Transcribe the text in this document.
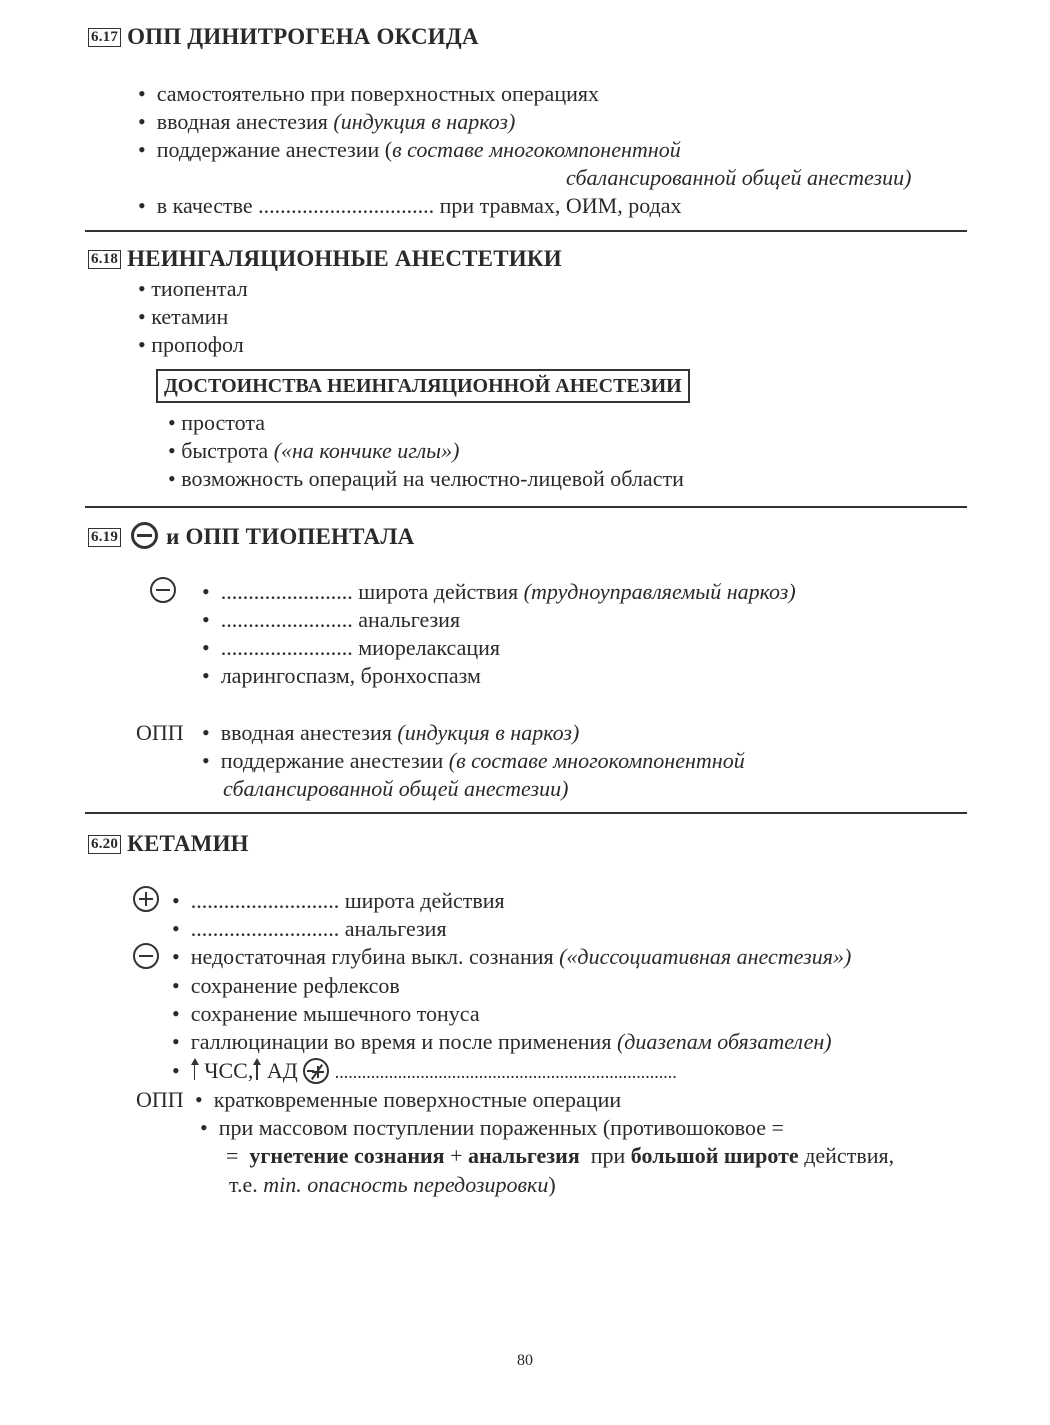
6.17 ОПП ДИНИТРОГЕНА ОКСИДА
•  самостоятельно при поверхностных операциях
•  вводная анестезия (индукция в наркоз)
•  поддержание анестезии (в составе многокомпонентной
сбалансированной общей анестезии)
•  в качестве ................................ при травмах, ОИМ, родах
6.18 НЕИНГАЛЯЦИОННЫЕ АНЕСТЕТИКИ
• тиопентал
• кетамин
• пропофол
ДОСТОИНСТВА НЕИНГАЛЯЦИОННОЙ АНЕСТЕЗИИ
• простота
• быстрота («на кончике иглы»)
• возможность операций на челюстно-лицевой области
6.19 и ОПП ТИОПЕНТАЛА
•  ........................ широта действия (трудноуправляемый наркоз)
•  ........................ анальгезия
•  ........................ миорелаксация
•  ларингоспазм, бронхоспазм
ОПП •  вводная анестезия (индукция в наркоз)
•  поддержание анестезии (в составе многокомпонентной
сбалансированной общей анестезии)
6.20 КЕТАМИН
•  ........................... широта действия
•  ........................... анальгезия
•  недостаточная глубина выкл. сознания («диссоциативная анестезия»)
•  сохранение рефлексов
•  сохранение мышечного тонуса
•  галлюцинации во время и после применения (диазепам обязателен)
•   ЧСС, АД ............................................................................
ОПП •  кратковременные поверхностные операции
•  при массовом поступлении пораженных (противошоковое =
= угнетение сознания + анальгезия при большой широте действия,
т.е. min. опасность передозировки)
80
